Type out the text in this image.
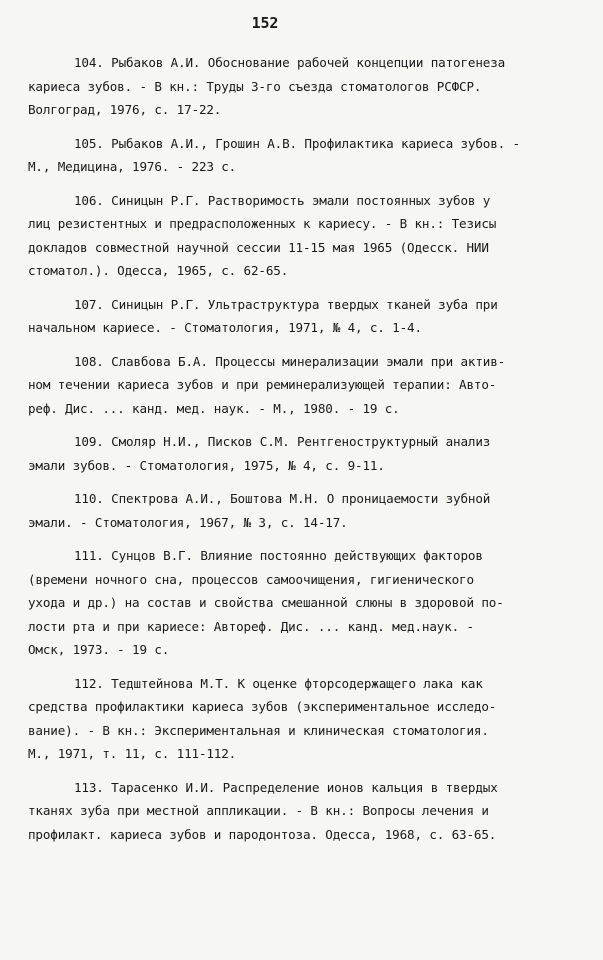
152
104. Рыбаков А.И. Обоснование рабочей концепции патогенеза
кариеса зубов. - В кн.: Труды 3-го съезда стоматологов РСФСР.
Волгоград, 1976, с. 17-22.
105. Рыбаков А.И., Грошин А.В. Профилактика кариеса зубов. -
М., Медицина, 1976. - 223 с.
106. Синицын Р.Г. Растворимость эмали постоянных зубов у
лиц резистентных и предрасположенных к кариесу. - В кн.: Тезисы
докладов совместной научной сессии 11-15 мая 1965 (Одесск. НИИ
стоматол.). Одесса, 1965, с. 62-65.
107. Синицын Р.Г. Ультраструктура твердых тканей зуба при
начальном кариесе. - Стоматология, 1971, № 4, с. 1-4.
108. Славбова Б.А. Процессы минерализации эмали при актив-
ном течении кариеса зубов и при реминерализующей терапии: Авто-
реф. Дис. ... канд. мед. наук. - М., 1980. - 19 с.
109. Смоляр Н.И., Писков С.М. Рентгеноструктурный анализ
эмали зубов. - Стоматология, 1975, № 4, с. 9-11.
110. Спектрова А.И., Боштова М.Н. О проницаемости зубной
эмали. - Стоматология, 1967, № 3, с. 14-17.
111. Сунцов В.Г. Влияние постоянно действующих факторов
(времени ночного сна, процессов самоочищения, гигиенического
ухода и др.) на состав и свойства смешанной слюны в здоровой по-
лости рта и при кариесе: Автореф. Дис. ... канд. мед.наук. -
Омск, 1973. - 19 с.
112. Тедштейнова М.Т. К оценке фторсодержащего лака как
средства профилактики кариеса зубов (экспериментальное исследо-
вание). - В кн.: Экспериментальная и клиническая стоматология.
М., 1971, т. 11, с. 111-112.
113. Тарасенко И.И. Распределение ионов кальция в твердых
тканях зуба при местной аппликации. - В кн.: Вопросы лечения и
профилакт. кариеса зубов и пародонтоза. Одесса, 1968, с. 63-65.
